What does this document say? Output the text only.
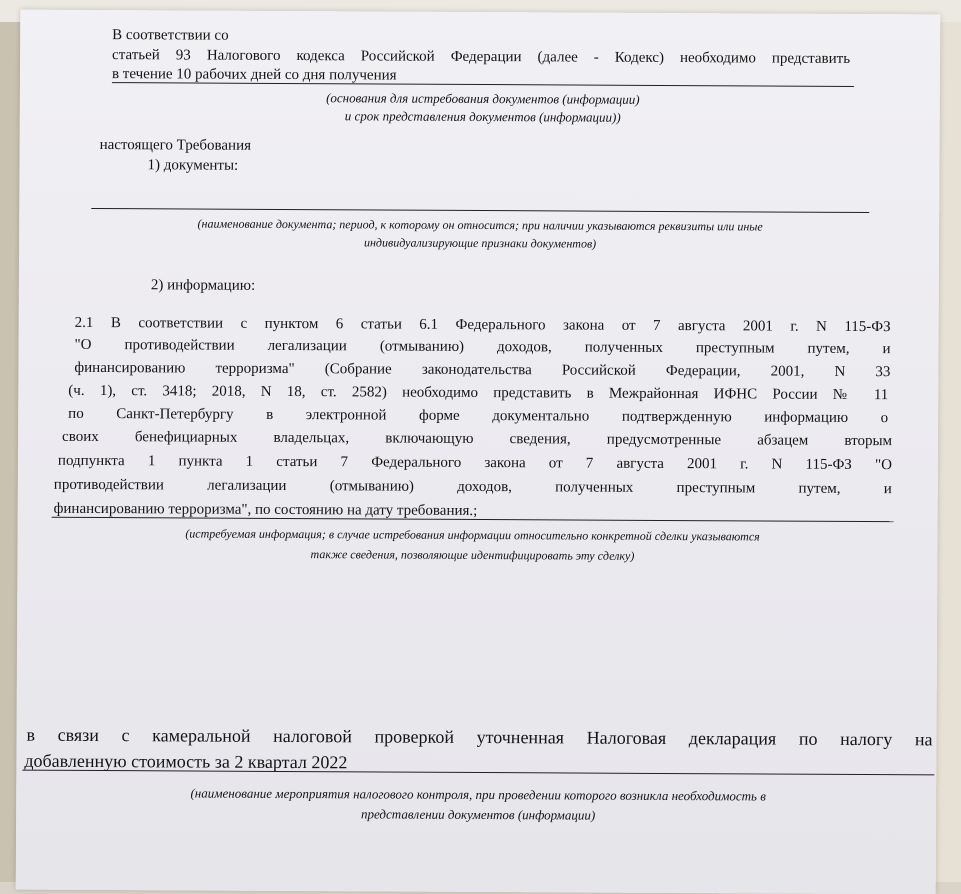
В соответствии со
статьей 93 Налогового кодекса Российской Федерации (далее - Кодекс) необходимо представить
в течение 10 рабочих дней со дня получения
(основания для истребования документов (информации)
и срок представления документов (информации))
настоящего Требования
1) документы:
(наименование документа; период, к которому он относится; при наличии указываются реквизиты или иные
индивидуализирующие признаки документов)
2) информацию:
2.1 В соответствии с пунктом 6 статьи 6.1 Федерального закона от 7 августа 2001 г. N 115-ФЗ
"О противодействии легализации (отмыванию) доходов, полученных преступным путем, и
финансированию терроризма" (Собрание законодательства Российской Федерации, 2001, N 33
(ч. 1), ст. 3418; 2018, N 18, ст. 2582) необходимо представить в Межрайонная ИФНС России № 11
по Санкт-Петербургу в электронной форме документально подтвержденную информацию о
своих бенефициарных владельцах, включающую сведения, предусмотренные абзацем вторым
подпункта 1 пункта 1 статьи 7 Федерального закона от 7 августа 2001 г. N 115-ФЗ "О
противодействии легализации (отмыванию) доходов, полученных преступным путем, и
финансированию терроризма", по состоянию на дату требования.;
(истребуемая информация; в случае истребования информации относительно конкретной сделки указываются
также сведения, позволяющие идентифицировать эту сделку)
в связи с камеральной налоговой проверкой уточненная Налоговая декларация по налогу на
добавленную стоимость за 2 квартал 2022
(наименование мероприятия налогового контроля, при проведении которого возникла необходимость в
представлении документов (информации)
